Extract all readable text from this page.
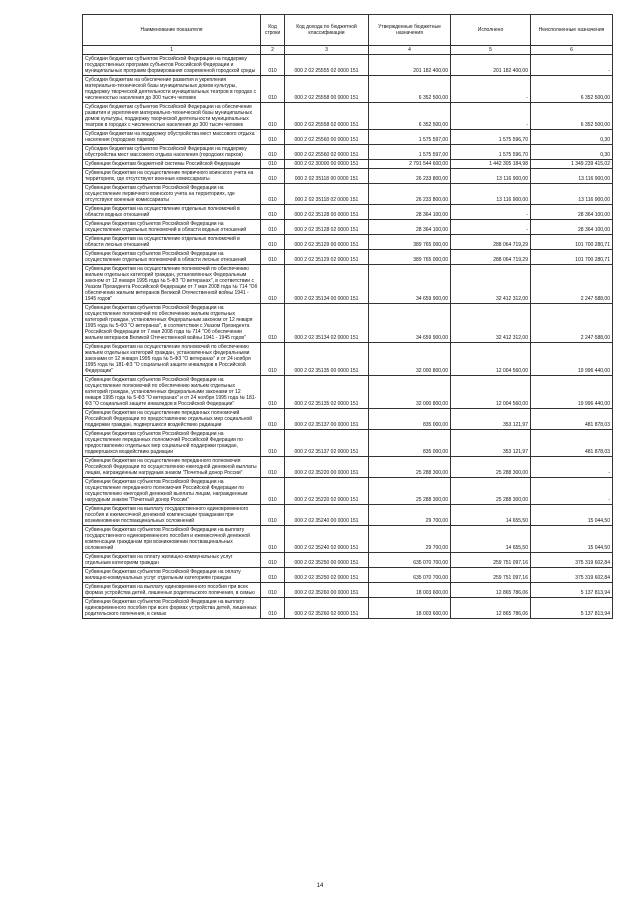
Наименование показателя	Код строки	Код дохода по бюджетной классификации	Утвержденные бюджетные назначения	Исполнено	Неисполненные назначения
1	2	3	4	5	6
Субсидии бюджетам субъектов Российской Федерации на поддержку государственных программ субъектов Российской Федерации и муниципальных программ формирования современной городской среды	010	000 2 02 25555 02 0000 151	201 182 400,00	201 182 400,00	-
Субсидии бюджетам на обеспечение развития и укрепления материально-технической базы муниципальных домов культуры, поддержку творческой деятельности муниципальных театров в городах с численностью населения до 300 тысяч человек	010	000 2 02 25558 00 0000 151	6 352 500,00	-	6 352 500,00
Субсидии бюджетам субъектов Российской Федерации на обеспечение развития и укрепления материально-технической базы муниципальных домов культуры, поддержку творческой деятельности муниципальных театров в городах с численностью населения до 300 тысяч человек	010	000 2 02 25558 02 0000 151	6 352 500,00	-	6 352 500,00
Субсидии бюджетам на поддержку обустройства мест массового отдыха населения (городских парков)	010	000 2 02 25560 00 0000 151	1 575 597,00	1 575 596,70	0,30
Субсидии бюджетам субъектов Российской Федерации на поддержку обустройства мест массового отдыха населения (городских парков)	010	000 2 02 25560 02 0000 151	1 575 597,00	1 575 596,70	0,30
Субвенции бюджетам бюджетной системы Российской Федерации	010	000 2 02 30000 00 0000 151	2 791 544 600,00	1 442 305 184,98	1 349 239 415,02
Субвенции бюджетам на осуществление первичного воинского учета на территориях, где отсутствуют военные комиссариаты	010	000 2 02 35118 00 0000 151	26 233 800,00	13 116 900,00	13 116 900,00
Субвенции бюджетам субъектов Российской Федерации на осуществление первичного воинского учета на территориях, где отсутствуют военные комиссариаты	010	000 2 02 35118 02 0000 151	26 233 800,00	13 116 900,00	13 116 900,00
Субвенции бюджетам на осуществление отдельных полномочий в области водных отношений	010	000 2 02 35128 00 0000 151	28 364 100,00	-	28 364 100,00
Субвенции бюджетам субъектов Российской Федерации на осуществление отдельных полномочий в области водных отношений	010	000 2 02 35128 02 0000 151	28 364 100,00	-	28 364 100,00
Субвенции бюджетам на осуществление отдельных полномочий в области лесных отношений	010	000 2 02 35129 00 0000 151	389 765 000,00	288 064 719,29	101 700 280,71
Субвенции бюджетам субъектов Российской Федерации на осуществление отдельных полномочий в области лесных отношений	010	000 2 02 35129 02 0000 151	389 765 000,00	288 064 719,29	101 700 280,71
Субвенции бюджетам на осуществление полномочий по обеспечению жильем отдельных категорий граждан, установленных Федеральным законом от 12 января 1995 года № 5-ФЗ "О ветеранах", в соответствии с Указом Президента Российской Федерации от 7 мая 2008 года № 714 "Об обеспечении жильем ветеранов Великой Отечественной войны 1941 - 1945 годов"	010	000 2 02 35134 00 0000 151	34 659 900,00	32 412 312,00	2 247 588,00
Субвенции бюджетам субъектов Российской Федерации на осуществление полномочий по обеспечению жильем отдельных категорий граждан, установленных Федеральным законом от 12 января 1995 года № 5-ФЗ "О ветеранах", в соответствии с Указом Президента Российской Федерации от 7 мая 2008 года № 714 "Об обеспечении жильем ветеранов Великой Отечественной войны 1941 - 1945 годов"	010	000 2 02 35134 02 0000 151	34 659 900,00	32 412 312,00	2 247 588,00
Субвенции бюджетам на осуществление полномочий по обеспечению жильем отдельных категорий граждан, установленных федеральными законами от 12 января 1995 года № 5-ФЗ "О ветеранах" и от 24 ноября 1995 года № 181-ФЗ "О социальной защите инвалидов в Российской Федерации"	010	000 2 02 35135 00 0000 151	32 000 800,00	12 004 560,00	19 996 440,00
Субвенции бюджетам субъектов Российской Федерации на осуществление полномочий по обеспечению жильем отдельных категорий граждан, установленных федеральными законами от 12 января 1995 года № 5-ФЗ "О ветеранах" и от 24 ноября 1995 года № 181-ФЗ "О социальной защите инвалидов в Российской Федерации"	010	000 2 02 35135 02 0000 151	32 000 800,00	12 004 560,00	19 996 440,00
Субвенции бюджетам на осуществление переданных полномочий Российской Федерации по предоставлению отдельных мер социальной поддержки граждан, подвергшихся воздействию радиации	010	000 2 02 35137 00 0000 151	835 000,00	353 121,97	481 878,03
Субвенции бюджетам субъектов Российской Федерации на осуществление переданных полномочий Российской Федерации по предоставлению отдельных мер социальной поддержки граждан, подвергшихся воздействию радиации	010	000 2 02 35137 02 0000 151	835 000,00	353 121,97	481 878,03
Субвенции бюджетам на осуществление переданного полномочия Российской Федерации по осуществлению ежегодной денежной выплаты лицам, награжденным нагрудным знаком "Почетный донор России"	010	000 2 02 35220 00 0000 151	25 288 300,00	25 288 300,00	-
Субвенции бюджетам субъектов Российской Федерации на осуществление переданного полномочия Российской Федерации по осуществлению ежегодной денежной выплаты лицам, награжденным нагрудным знаком "Почетный донор России"	010	000 2 02 35220 02 0000 151	25 288 300,00	25 288 300,00	-
Субвенции бюджетам на выплату государственного единовременного пособия и ежемесячной денежной компенсации гражданам при возникновении поствакцинальных осложнений	010	000 2 02 35240 00 0000 151	29 700,00	14 655,50	15 044,50
Субвенции бюджетам субъектов Российской Федерации на выплату государственного единовременного пособия и ежемесячной денежной компенсации гражданам при возникновении поствакцинальных осложнений	010	000 2 02 35240 02 0000 151	29 700,00	14 655,50	15 044,50
Субвенции бюджетам на оплату жилищно-коммунальных услуг отдельным категориям граждан	010	000 2 02 35250 00 0000 151	635 070 700,00	259 751 097,16	375 319 602,84
Субвенции бюджетам субъектов Российской Федерации на оплату жилищно-коммунальных услуг отдельным категориям граждан	010	000 2 02 35250 02 0000 151	635 070 700,00	259 751 097,16	375 319 602,84
Субвенции бюджетам на выплату единовременного пособия при всех формах устройства детей, лишенных родительского попечения, в семью	010	000 2 02 35260 00 0000 151	18 003 600,00	12 865 786,06	5 137 813,94
Субвенции бюджетам субъектов Российской Федерации на выплату единовременного пособия при всех формах устройства детей, лишенных родительского попечения, в семью	010	000 2 02 35260 02 0000 151	18 003 600,00	12 865 786,06	5 137 813,94
14
